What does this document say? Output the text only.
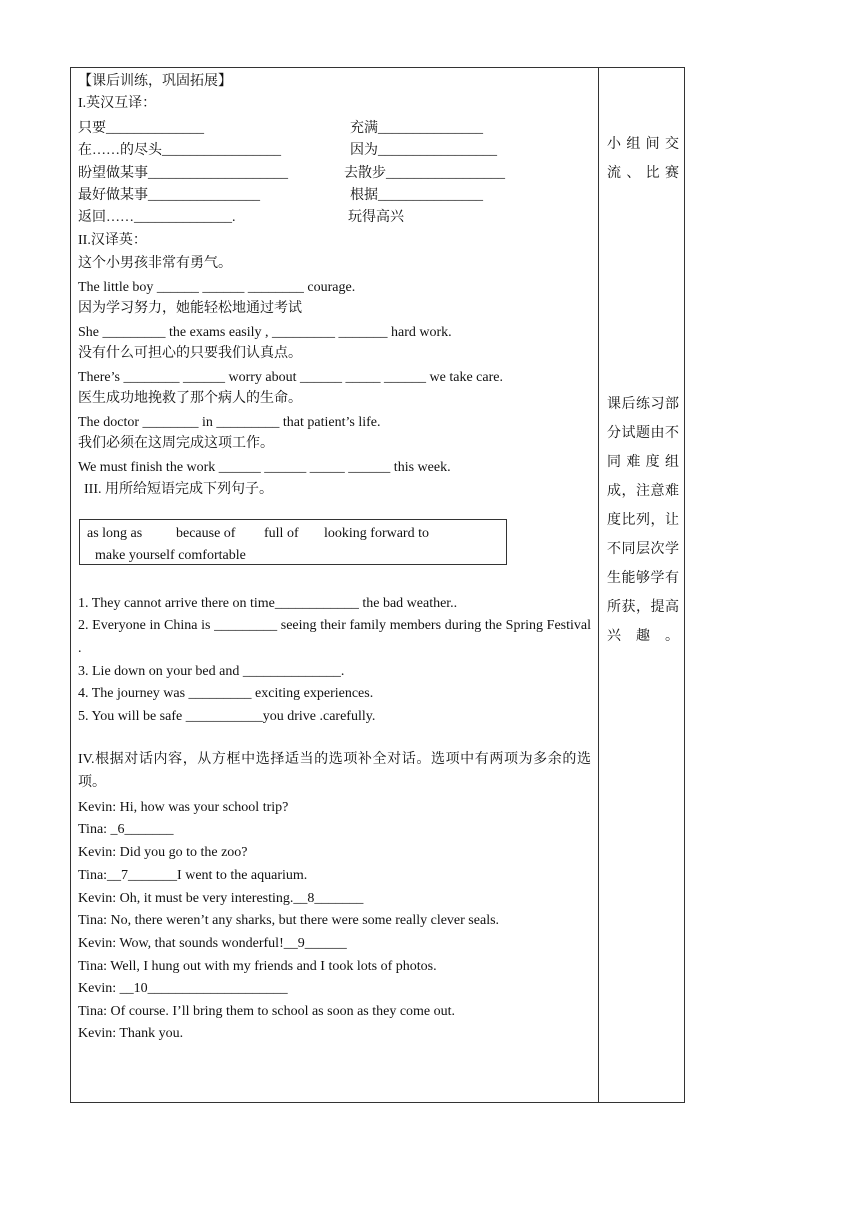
【课后训练，巩固拓展】
I.英汉互译：
只要______________	充满_______________
在……的尽头_________________	因为_________________
盼望做某事____________________	去散步_________________
最好做某事________________	根据_______________
返回……______________.	玩得高兴
II.汉译英：
这个小男孩非常有勇气。
The little boy ______ ______ ________ courage.
因为学习努力，她能轻松地通过考试
She _________ the exams easily , _________ _______ hard work.
没有什么可担心的只要我们认真点。
There’s ________ ______ worry about ______ _____ ______ we take care.
医生成功地挽救了那个病人的生命。
The doctor ________ in _________ that patient’s life.
我们必须在这周完成这项工作。
We must finish the work ______ ______ _____ ______ this week.
III. 用所给短语完成下列句子。
as long as because of full of looking forward to
make yourself comfortable
1. They cannot arrive there on time____________ the bad weather..
2. Everyone in China is _________ seeing their family members during the Spring Festival .
3. Lie down on your bed and ______________.
4. The journey was _________ exciting experiences.
5. You will be safe ___________you drive .carefully.
IV.根据对话内容，从方框中选择适当的选项补全对话。选项中有两项为多余的选项。
Kevin: Hi, how was your school trip?
Tina: _6_______
Kevin: Did you go to the zoo?
Tina:__7_______I went to the aquarium.
Kevin: Oh, it must be very interesting.__8_______
Tina: No, there weren’t any sharks, but there were some really clever seals.
Kevin: Wow, that sounds wonderful!__9______
Tina: Well, I hung out with my friends and I took lots of photos.
Kevin: __10____________________
Tina: Of course. I’ll bring them to school as soon as they come out.
Kevin: Thank you.
小组间交流、比赛
课后练习部分试题由不同难度组成，注意难度比列，让不同层次学生能够学有所获，提高兴趣。
